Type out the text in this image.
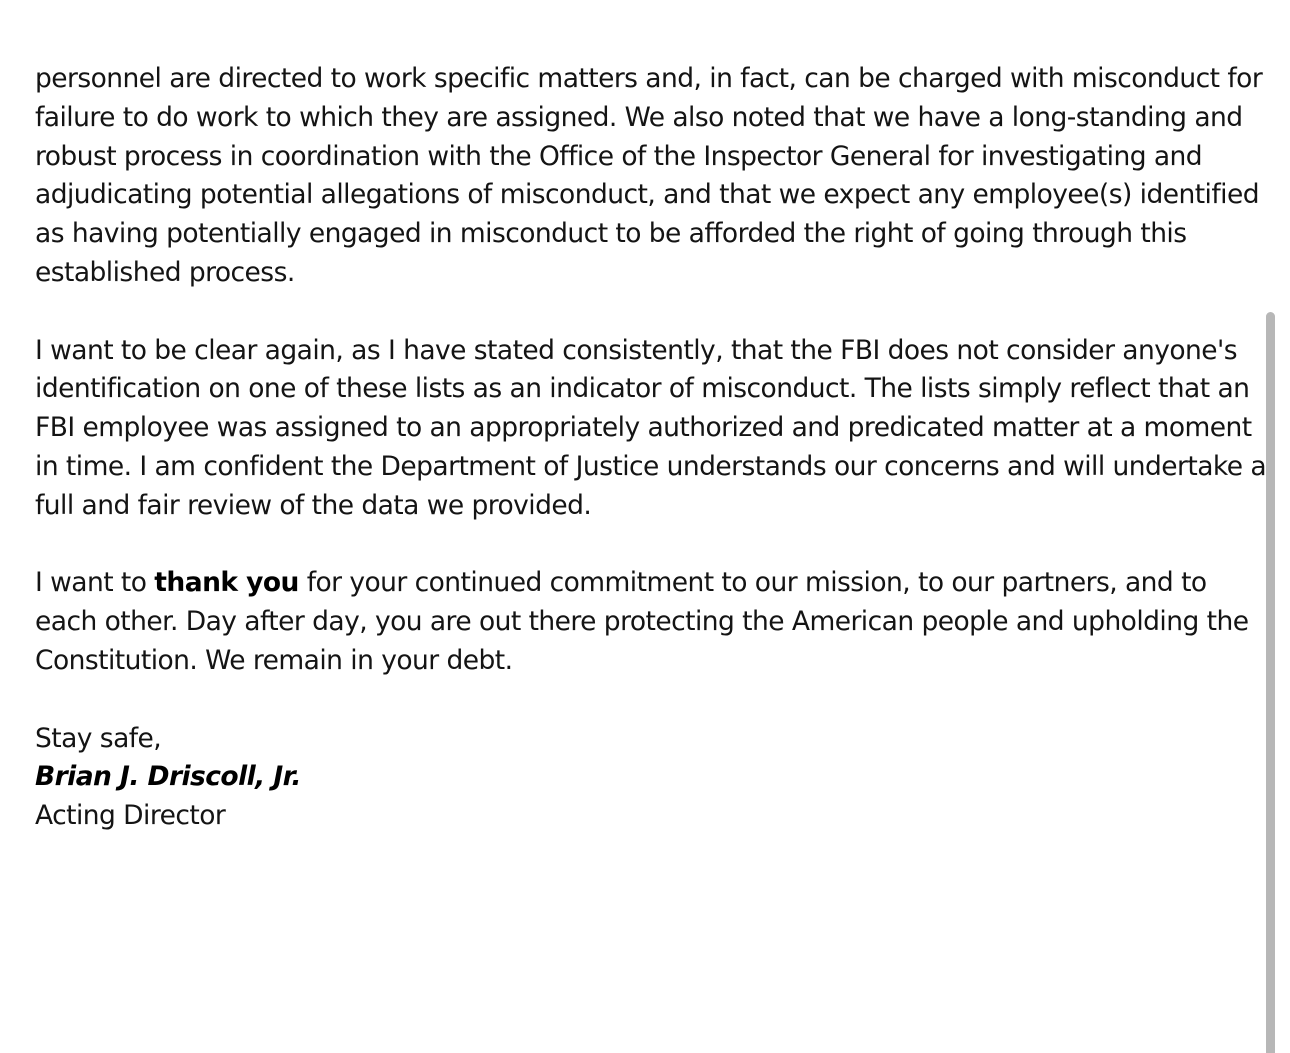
personnel are directed to work specific matters and, in fact, can be charged with misconduct for
failure to do work to which they are assigned. We also noted that we have a long-standing and
robust process in coordination with the Office of the Inspector General for investigating and
adjudicating potential allegations of misconduct, and that we expect any employee(s) identified
as having potentially engaged in misconduct to be afforded the right of going through this
established process.

I want to be clear again, as I have stated consistently, that the FBI does not consider anyone's
identification on one of these lists as an indicator of misconduct. The lists simply reflect that an
FBI employee was assigned to an appropriately authorized and predicated matter at a moment
in time. I am confident the Department of Justice understands our concerns and will undertake a
full and fair review of the data we provided.

I want to thank you for your continued commitment to our mission, to our partners, and to
each other. Day after day, you are out there protecting the American people and upholding the
Constitution. We remain in your debt.

Stay safe,
Brian J. Driscoll, Jr.
Acting Director
